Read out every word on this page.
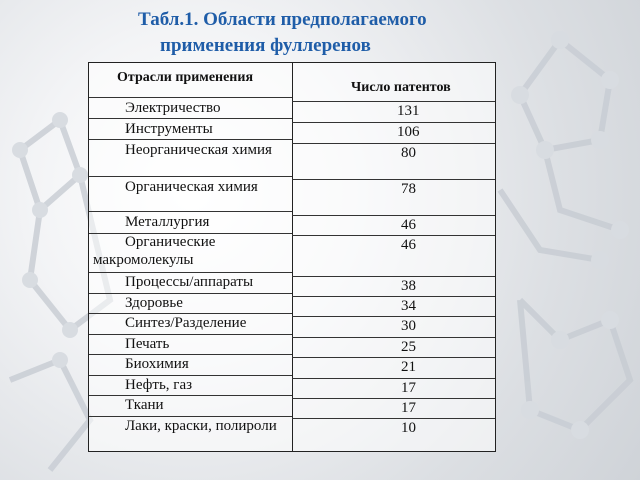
Табл.1. Области предполагаемого
применения фуллеренов
Отрасли применения
Число патентов
Электричество
Инструменты
Неорганическая химия
Органическая химия
Металлургия
Органические
макромолекулы
Процессы/аппараты
Здоровье
Синтез/Разделение
Печать
Биохимия
Нефть, газ
Ткани
Лаки, краски, полироли
131
106
80
78
46
46
38
34
30
25
21
17
17
10
